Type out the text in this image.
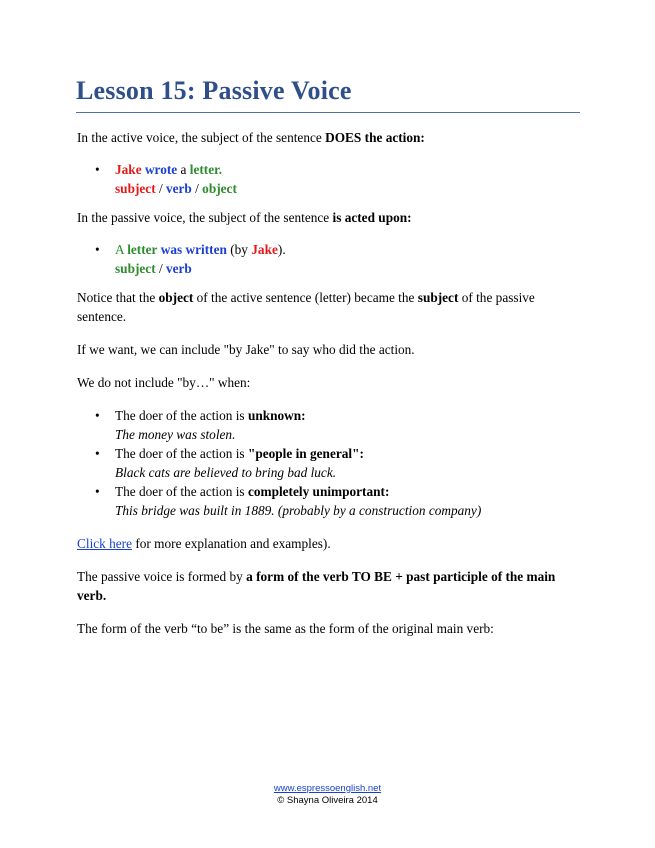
Lesson 15: Passive Voice

In the active voice, the subject of the sentence DOES the action:

• Jake wrote a letter.
subject / verb / object

In the passive voice, the subject of the sentence is acted upon:

• A letter was written (by Jake).
subject / verb

Notice that the object of the active sentence (letter) became the subject of the passive sentence.

If we want, we can include "by Jake" to say who did the action.

We do not include "by…" when:

• The doer of the action is unknown:
The money was stolen.
• The doer of the action is "people in general":
Black cats are believed to bring bad luck.
• The doer of the action is completely unimportant:
This bridge was built in 1889. (probably by a construction company)

Click here for more explanation and examples).

The passive voice is formed by a form of the verb TO BE + past participle of the main verb.

The form of the verb “to be” is the same as the form of the original main verb:

www.espressoenglish.net
© Shayna Oliveira 2014
